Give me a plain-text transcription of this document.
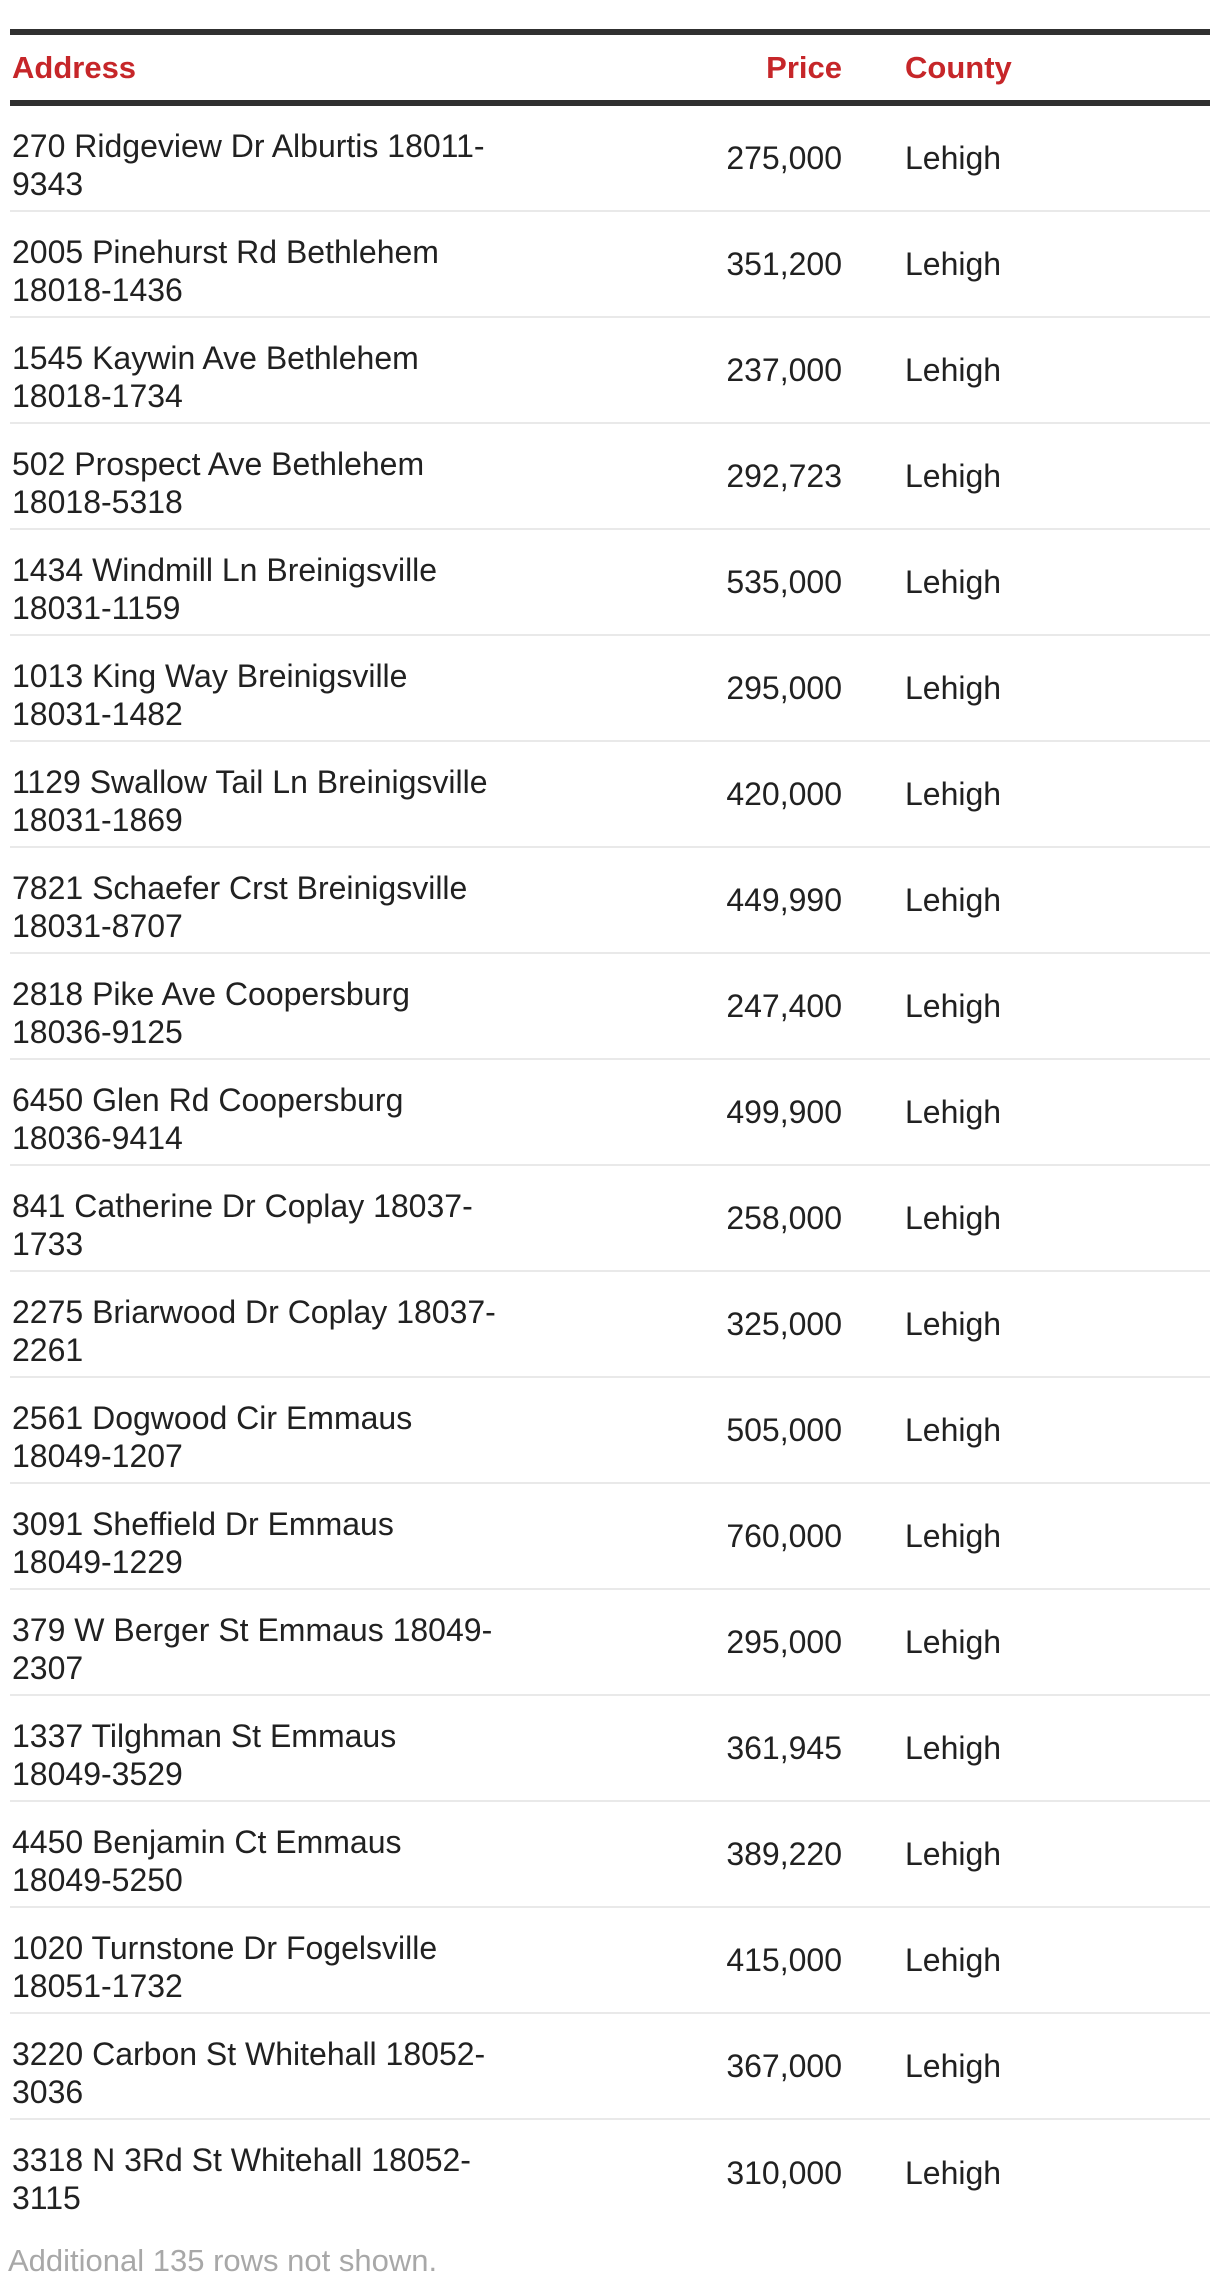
Address	Price	County
270 Ridgeview Dr Alburtis 18011-
9343
275,000	Lehigh
2005 Pinehurst Rd Bethlehem
18018-1436
351,200	Lehigh
1545 Kaywin Ave Bethlehem
18018-1734
237,000	Lehigh
502 Prospect Ave Bethlehem
18018-5318
292,723	Lehigh
1434 Windmill Ln Breinigsville
18031-1159
535,000	Lehigh
1013 King Way Breinigsville
18031-1482
295,000	Lehigh
1129 Swallow Tail Ln Breinigsville
18031-1869
420,000	Lehigh
7821 Schaefer Crst Breinigsville
18031-8707
449,990	Lehigh
2818 Pike Ave Coopersburg
18036-9125
247,400	Lehigh
6450 Glen Rd Coopersburg
18036-9414
499,900	Lehigh
841 Catherine Dr Coplay 18037-
1733
258,000	Lehigh
2275 Briarwood Dr Coplay 18037-
2261
325,000	Lehigh
2561 Dogwood Cir Emmaus
18049-1207
505,000	Lehigh
3091 Sheffield Dr Emmaus
18049-1229
760,000	Lehigh
379 W Berger St Emmaus 18049-
2307
295,000	Lehigh
1337 Tilghman St Emmaus
18049-3529
361,945	Lehigh
4450 Benjamin Ct Emmaus
18049-5250
389,220	Lehigh
1020 Turnstone Dr Fogelsville
18051-1732
415,000	Lehigh
3220 Carbon St Whitehall 18052-
3036
367,000	Lehigh
3318 N 3Rd St Whitehall 18052-
3115
310,000	Lehigh
Additional 135 rows not shown.
